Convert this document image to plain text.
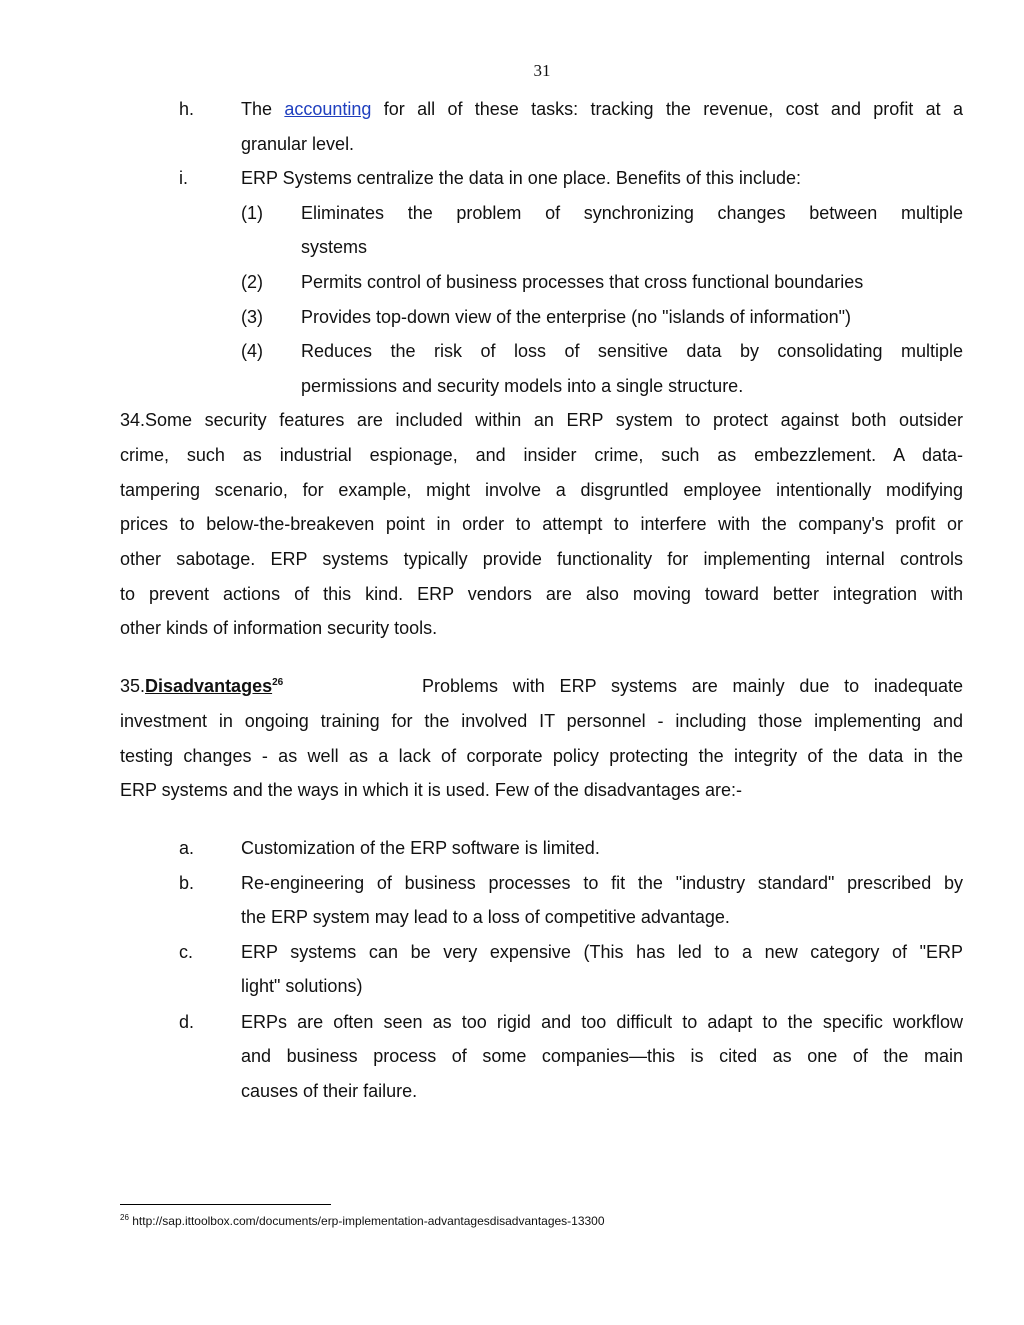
31
h.	The accounting for all of these tasks: tracking the revenue, cost and profit at a
granular level.
i.	ERP Systems centralize the data in one place. Benefits of this include:
(1) Eliminates the problem of synchronizing changes between multiple
systems
(2) Permits control of business processes that cross functional boundaries
(3) Provides top-down view of the enterprise (no "islands of information")
(4) Reduces the risk of loss of sensitive data by consolidating multiple
permissions and security models into a single structure.
34.Some security features are included within an ERP system to protect against both outsider
crime, such as industrial espionage, and insider crime, such as embezzlement. A data-
tampering scenario, for example, might involve a disgruntled employee intentionally modifying
prices to below-the-breakeven point in order to attempt to interfere with the company's profit or
other sabotage. ERP systems typically provide functionality for implementing internal controls
to prevent actions of this kind. ERP vendors are also moving toward better integration with
other kinds of information security tools.
35.Disadvantages$^{26}$	Problems with ERP systems are mainly due to inadequate
investment in ongoing training for the involved IT personnel - including those implementing and
testing changes - as well as a lack of corporate policy protecting the integrity of the data in the
ERP systems and the ways in which it is used. Few of the disadvantages are:-
a.	Customization of the ERP software is limited.
b.	Re-engineering of business processes to fit the "industry standard" prescribed by
the ERP system may lead to a loss of competitive advantage.
c.	ERP systems can be very expensive (This has led to a new category of "ERP
light" solutions)
d.	ERPs are often seen as too rigid and too difficult to adapt to the specific workflow
and business process of some companies—this is cited as one of the main
causes of their failure.
$^{26}$ http://sap.ittoolbox.com/documents/erp-implementation-advantagesdisadvantages-13300
